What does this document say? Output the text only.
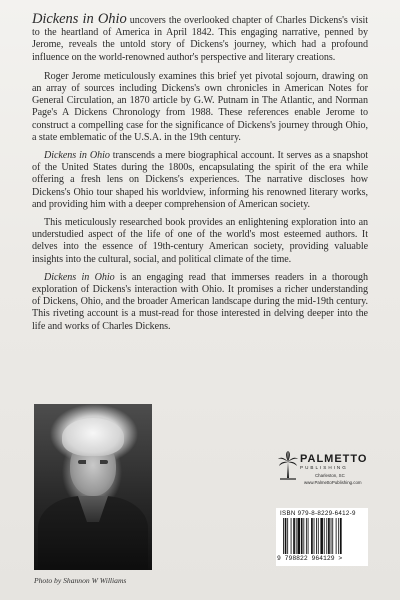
Dickens in Ohio uncovers the overlooked chapter of Charles Dickens's visit to the heartland of America in April 1842. This engaging narrative, penned by Jerome, reveals the untold story of Dickens's journey, which had a profound influence on the world-renowned author's perspective and literary creations.

Roger Jerome meticulously examines this brief yet pivotal sojourn, drawing on an array of sources including Dickens's own chronicles in American Notes for General Circulation, an 1870 article by G.W. Putnam in The Atlantic, and Norman Page's A Dickens Chronology from 1988. These references enable Jerome to construct a compelling case for the significance of Dickens's journey through Ohio, a state emblematic of the U.S.A. in the 19th century.

Dickens in Ohio transcends a mere biographical account. It serves as a snapshot of the United States during the 1800s, encapsulating the spirit of the era while offering a fresh lens on Dickens's experiences. The narrative discloses how Dickens's Ohio tour shaped his worldview, informing his renowned literary works, and providing him with a deeper comprehension of American society.

This meticulously researched book provides an enlightening exploration into an understudied aspect of the life of one of the world's most esteemed authors. It delves into the essence of 19th-century American society, providing valuable insights into the cultural, social, and political climate of the time.

Dickens in Ohio is an engaging read that immerses readers in a thorough exploration of Dickens's interaction with Ohio. It promises a richer understanding of Dickens, Ohio, and the broader American landscape during the mid-19th century. This riveting account is a must-read for those interested in delving deeper into the life and works of Charles Dickens.

Photo by Shannon W Williams
PALMETTO
PUBLISHING
Charleston, SC
www.PalmettoPublishing.com
ISBN 979-8-8229-6412-9
9 798822 964129 >
